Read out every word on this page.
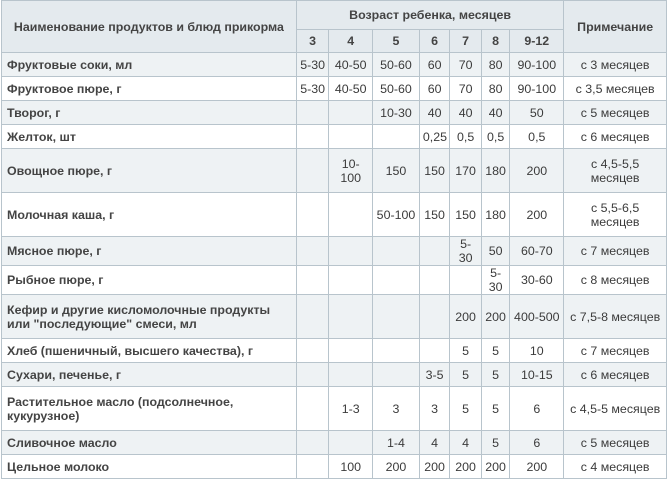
Наименование продуктов и блюд прикорма	Возраст ребенка, месяцев							Примечание
	3	4	5	6	7	8	9-12	
Фруктовые соки, мл	5-30	40-50	50-60	60	70	80	90-100	с 3 месяцев
Фруктовое пюре, г	5-30	40-50	50-60	60	70	80	90-100	с 3,5 месяцев
Творог, г			10-30	40	40	40	50	с 5 месяцев
Желток, шт				0,25	0,5	0,5	0,5	с 6 месяцев
Овощное пюре, г		10-100	150	150	170	180	200	с 4,5-5,5 месяцев
Молочная каша, г			50-100	150	150	180	200	с 5,5-6,5 месяцев
Мясное пюре, г					5-30	50	60-70	с 7 месяцев
Рыбное пюре, г						5-30	30-60	с 8 месяцев
Кефир и другие кисломолочные продукты или "последующие" смеси, мл					200	200	400-500	с 7,5-8 месяцев
Хлеб (пшеничный, высшего качества), г					5	5	10	с 7 месяцев
Сухари, печенье, г				3-5	5	5	10-15	с 6 месяцев
Растительное масло (подсолнечное, кукурузное)		1-3	3	3	5	5	6	с 4,5-5 месяцев
Сливочное масло			1-4	4	4	5	6	с 5 месяцев
Цельное молоко		100	200	200	200	200	200	с 4 месяцев
